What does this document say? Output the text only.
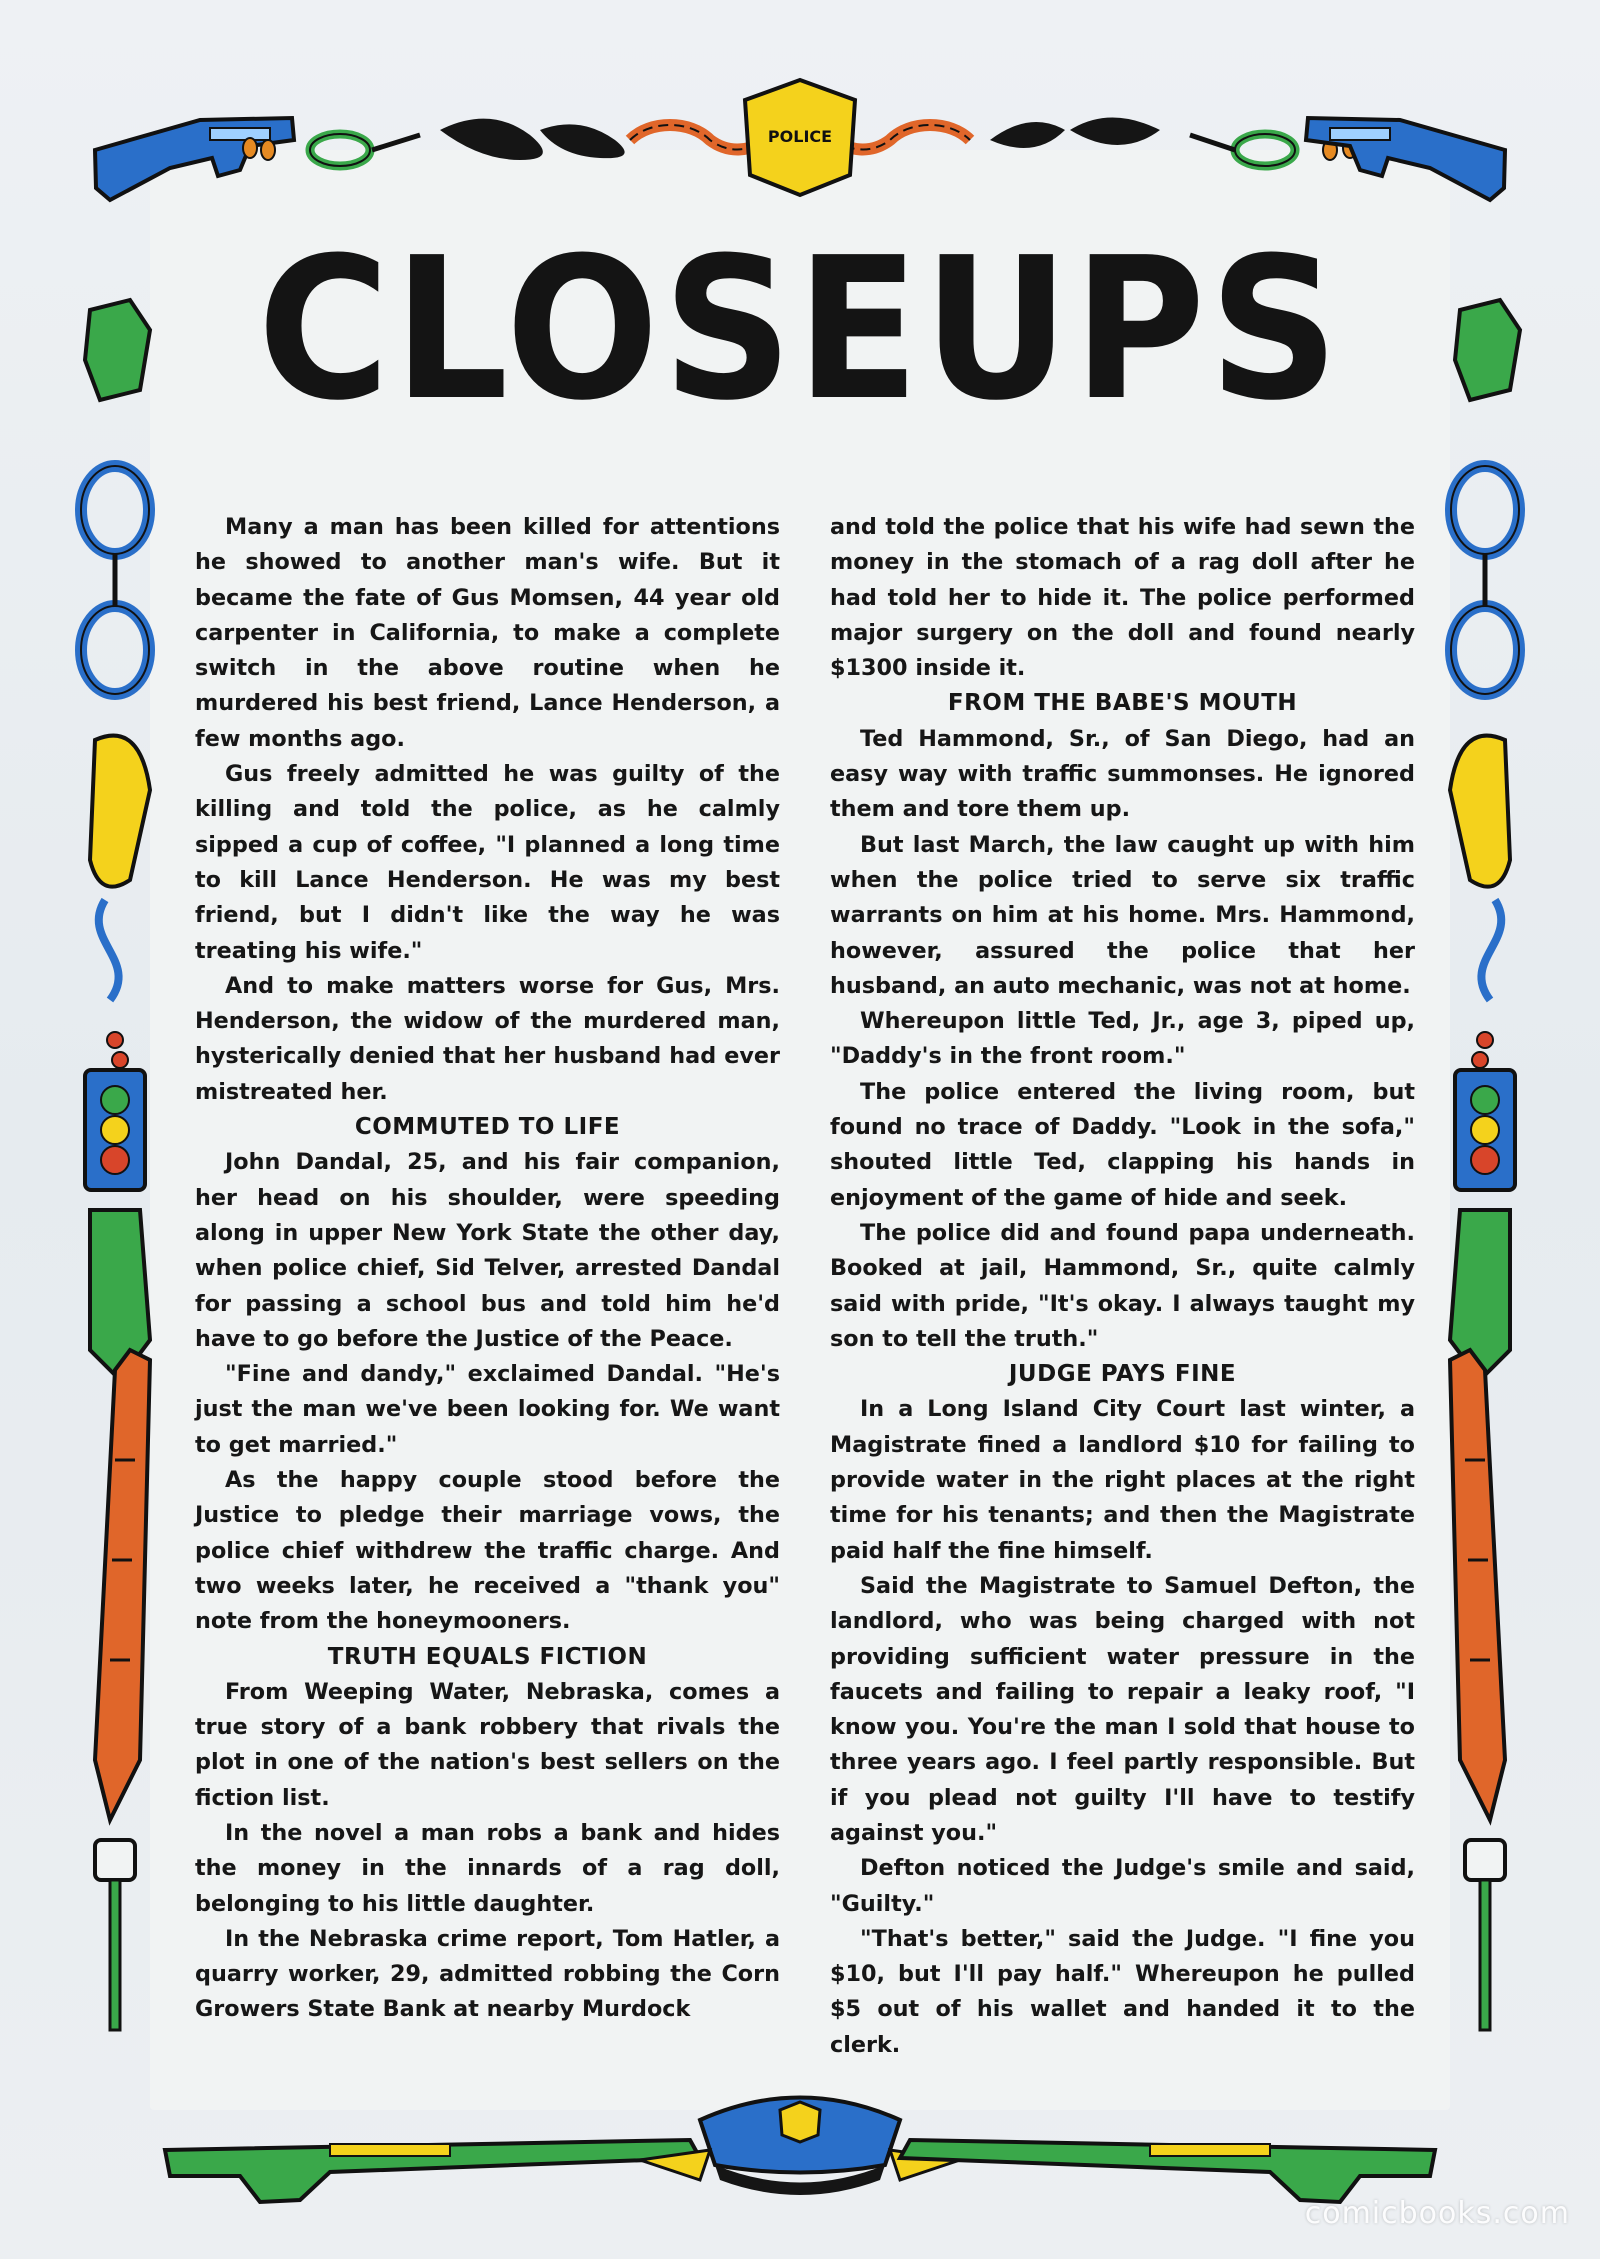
POLICE
CLOSEUPS

Many a man has been killed for attentions he showed to another man's wife. But it became the fate of Gus Momsen, 44 year old carpenter in California, to make a complete switch in the above routine when he murdered his best friend, Lance Henderson, a few months ago.

Gus freely admitted he was guilty of the killing and told the police, as he calmly sipped a cup of coffee, "I planned a long time to kill Lance Henderson. He was my best friend, but I didn't like the way he was treating his wife."

And to make matters worse for Gus, Mrs. Henderson, the widow of the murdered man, hysterically denied that her husband had ever mistreated her.

COMMUTED TO LIFE

John Dandal, 25, and his fair companion, her head on his shoulder, were speeding along in upper New York State the other day, when police chief, Sid Telver, arrested Dandal for passing a school bus and told him he'd have to go before the Justice of the Peace.

"Fine and dandy," exclaimed Dandal. "He's just the man we've been looking for. We want to get married."

As the happy couple stood before the Justice to pledge their marriage vows, the police chief withdrew the traffic charge. And two weeks later, he received a "thank you" note from the honeymooners.

TRUTH EQUALS FICTION

From Weeping Water, Nebraska, comes a true story of a bank robbery that rivals the plot in one of the nation's best sellers on the fiction list.

In the novel a man robs a bank and hides the money in the innards of a rag doll, belonging to his little daughter.

In the Nebraska crime report, Tom Hatler, a quarry worker, 29, admitted robbing the Corn Growers State Bank at nearby Murdock

and told the police that his wife had sewn the money in the stomach of a rag doll after he had told her to hide it. The police performed major surgery on the doll and found nearly $1300 inside it.

FROM THE BABE'S MOUTH

Ted Hammond, Sr., of San Diego, had an easy way with traffic summonses. He ignored them and tore them up.

But last March, the law caught up with him when the police tried to serve six traffic warrants on him at his home. Mrs. Hammond, however, assured the police that her husband, an auto mechanic, was not at home.

Whereupon little Ted, Jr., age 3, piped up, "Daddy's in the front room."

The police entered the living room, but found no trace of Daddy. "Look in the sofa," shouted little Ted, clapping his hands in enjoyment of the game of hide and seek.

The police did and found papa underneath. Booked at jail, Hammond, Sr., quite calmly said with pride, "It's okay. I always taught my son to tell the truth."

JUDGE PAYS FINE

In a Long Island City Court last winter, a Magistrate fined a landlord $10 for failing to provide water in the right places at the right time for his tenants; and then the Magistrate paid half the fine himself.

Said the Magistrate to Samuel Defton, the landlord, who was being charged with not providing sufficient water pressure in the faucets and failing to repair a leaky roof, "I know you. You're the man I sold that house to three years ago. I feel partly responsible. But if you plead not guilty I'll have to testify against you."

Defton noticed the Judge's smile and said, "Guilty."

"That's better," said the Judge. "I fine you $10, but I'll pay half." Whereupon he pulled $5 out of his wallet and handed it to the clerk.

comicbooks.com
